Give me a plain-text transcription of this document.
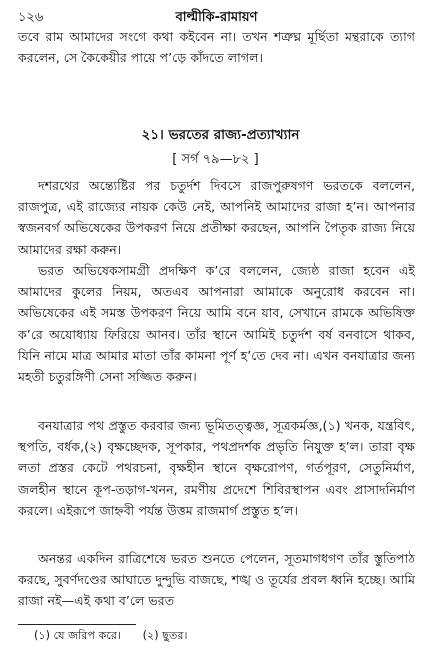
১২৬	বাল্মীকি-রামায়ণ

তবে রাম আমাদের সংগে কথা কইবেন না। তখন শত্রুঘ্ন মূর্ছিতা মন্থরাকে ত্যাগ করলেন, সে কৈকেয়ীর পায়ে প’ড়ে কাঁদতে লাগল।

২১। ভরতের রাজ্য-প্রত্যাখ্যান
[ সর্গ ৭৯—৮২ ]

দশরথের অন্ত্যেষ্টির পর চতুর্দশ দিবসে রাজপুরুষগণ ভরতকে বললেন, রাজপুত্র, এই রাজ্যের নায়ক কেউ নেই, আপনিই আমাদের রাজা হ’ন। আপনার স্বজনবর্গ অভিষেকের উপকরণ নিয়ে প্রতীক্ষা করছেন, আপনি পৈতৃক রাজ্য নিয়ে আমাদের রক্ষা করুন।

ভরত অভিষেকসামগ্রী প্রদক্ষিণ ক’রে বললেন, জ্যেষ্ঠ রাজা হবেন এই আমাদের কুলের নিয়ম, অতএব আপনারা আমাকে অনুরোধ করবেন না। অভিষেকের এই সমস্ত উপকরণ নিয়ে আমি বনে যাব, সেখানে রামকে অভিষিক্ত ক’রে অযোধ্যায় ফিরিয়ে আনব। তাঁর স্থানে আমিই চতুর্দশ বর্ষ বনবাসে থাকব, যিনি নামে মাত্র আমার মাতা তাঁর কামনা পূর্ণ হ’তে দেব না। এখন বনযাত্রার জন্য মহতী চতুরঙ্গিণী সেনা সজ্জিত করুন।

বনযাত্রার পথ প্রস্তুত করবার জন্য ভূমিতত্ত্বজ্ঞ, সূত্রকর্মজ্ঞ,(১) খনক, যন্ত্রবিৎ, স্থপতি, বর্ধক,(২) বৃক্ষচ্ছেদক, সূপকার, পথপ্রদর্শক প্রভৃতি নিযুক্ত হ’ল। তারা বৃক্ষ লতা প্রস্তর কেটে পথরচনা, বৃক্ষহীন স্থানে বৃক্ষরোপণ, গর্তপূরণ, সেতুনির্মাণ, জলহীন স্থানে কূপ-তড়াগ-খনন, রমণীয় প্রদেশে শিবিরস্থাপন এবং প্রাসাদনির্মাণ করলে। এইরূপে জাহ্নবী পর্যন্ত উত্তম রাজমার্গ প্রস্তুত হ’ল।

অনন্তর একদিন রাত্রিশেষে ভরত শুনতে পেলেন, সূতমাগধগণ তাঁর স্তুতিপাঠ করছে, সুবর্ণদণ্ডের আঘাতে দুন্দুভি বাজছে, শঙ্খ ও তূর্যের প্রবল ধ্বনি হচ্ছে। আমি রাজা নই—এই কথা ব’লে ভরত

(১) যে জরিপ করে। (২) ছুতর।
